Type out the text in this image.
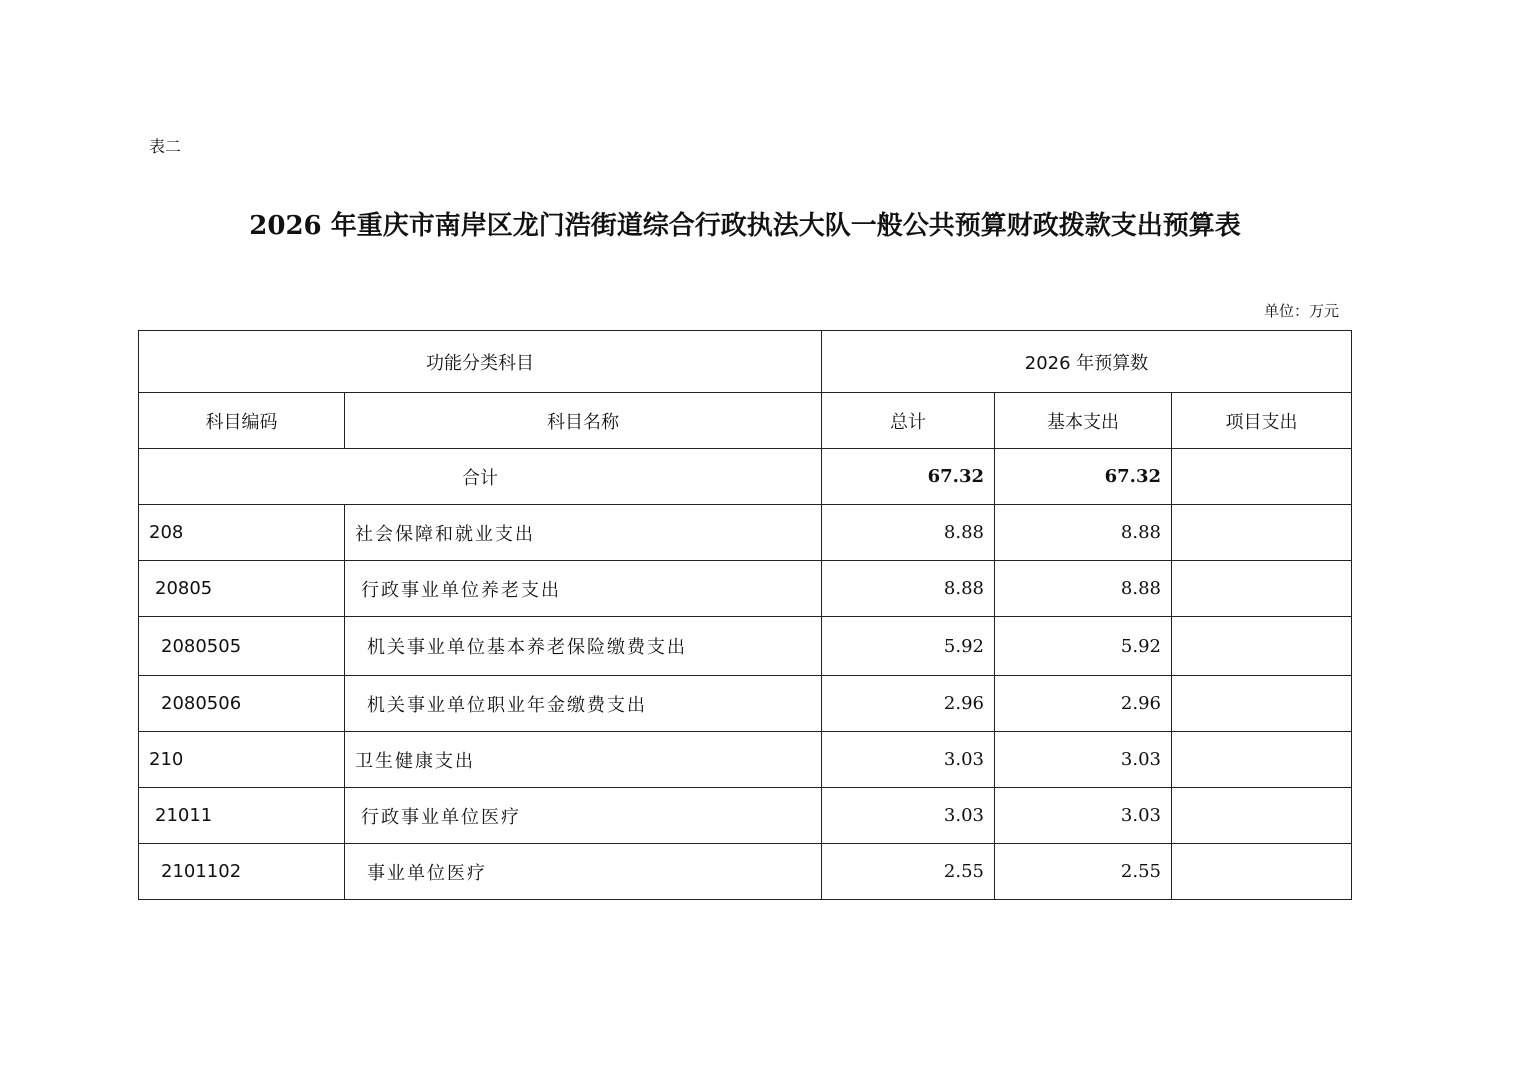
表二
2026 年重庆市南岸区龙门浩街道综合行政执法大队一般公共预算财政拨款支出预算表
单位：万元
功能分类科目		2026 年预算数		
科目编码	科目名称	总计	基本支出	项目支出
合计		67.32	67.32	
208	社会保障和就业支出	8.88	8.88	
20805	行政事业单位养老支出	8.88	8.88	
2080505	机关事业单位基本养老保险缴费支出	5.92	5.92	
2080506	机关事业单位职业年金缴费支出	2.96	2.96	
210	卫生健康支出	3.03	3.03	
21011	行政事业单位医疗	3.03	3.03	
2101102	事业单位医疗	2.55	2.55	
